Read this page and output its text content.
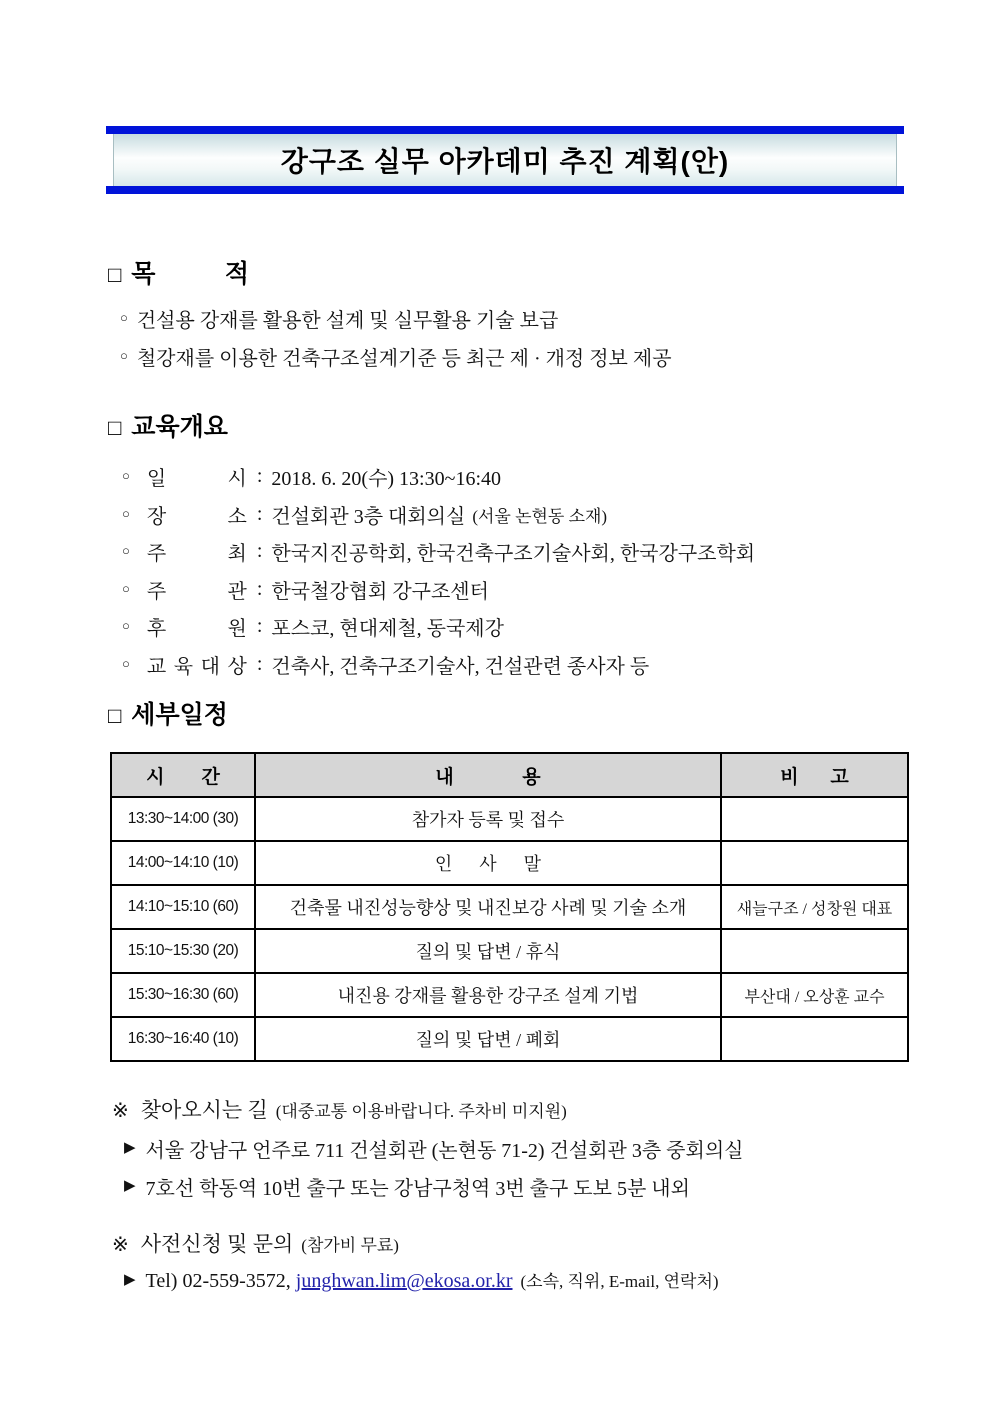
강구조 실무 아카데미 추진 계획(안)
□ 목          적
○ 건설용 강재를 활용한 설계 및 실무활용 기술 보급
○ 철강재를 이용한 건축구조설계기준 등 최근 제 · 개정 정보 제공
□ 교육개요
○ 일	시 : 2018. 6. 20(수) 13:30~16:40
○ 장	소 : 건설회관 3층 대회의실 (서울 논현동 소재)
○ 주	최 : 한국지진공학회, 한국건축구조기술사회, 한국강구조학회
○ 주	관 : 한국철강협회 강구조센터
○ 후	원 : 포스코, 현대제철, 동국제강
○ 교 육 대 상 : 건축사, 건축구조기술사, 건설관련 종사자 등
□ 세부일정
시       간	내             용	비      고
13:30~14:00 (30)	참가자 등록 및 접수	
14:00~14:10 (10)	인      사      말	
14:10~15:10 (60)	건축물 내진성능향상 및 내진보강 사례 및 기술 소개	새늘구조 / 성창원 대표
15:10~15:30 (20)	질의 및 답변 / 휴식	
15:30~16:30 (60)	내진용 강재를 활용한 강구조 설계 기법	부산대 / 오상훈 교수
16:30~16:40 (10)	질의 및 답변 / 폐회	
※ 찾아오시는 길 (대중교통 이용바랍니다. 주차비 미지원)
▶ 서울 강남구 언주로 711 건설회관 (논현동 71-2) 건설회관 3층 중회의실
▶ 7호선 학동역 10번 출구 또는 강남구청역 3번 출구 도보 5분 내외
※ 사전신청 및 문의 (참가비 무료)
▶ Tel) 02-559-3572,
junghwan.lim@ekosa.or.kr (소속, 직위, E-mail, 연락처)
